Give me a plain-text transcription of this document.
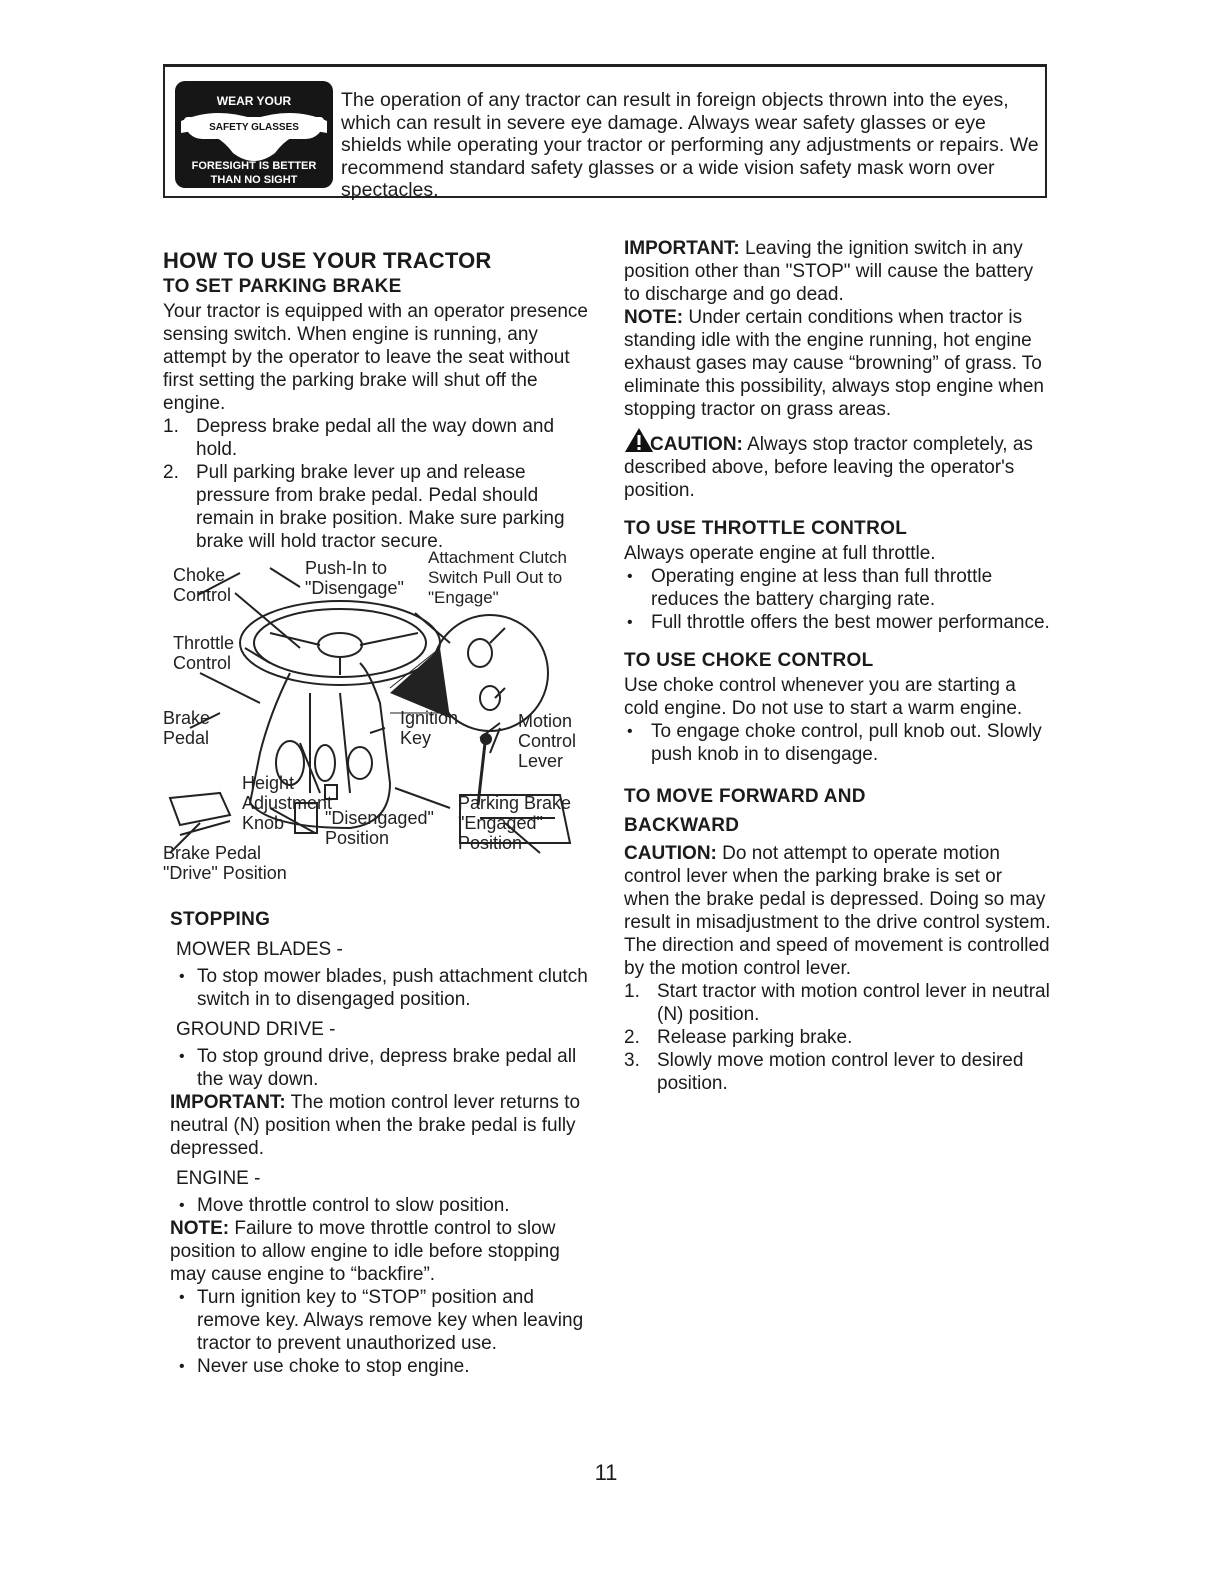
WEAR YOUR
SAFETY GLASSES
FORESIGHT IS BETTER
THAN NO SIGHT

The operation of any tractor can result in foreign objects thrown into the eyes, which can result in severe eye damage. Always wear safety glasses or eye shields while operating your tractor or performing any adjustments or repairs. We recommend standard safety glasses or a wide vision safety mask worn over spectacles.

HOW TO USE YOUR TRACTOR
TO SET PARKING BRAKE

Your tractor is equipped with an operator presence sensing switch. When engine is running, any attempt by the operator to leave the seat without first setting the parking brake will shut off the engine.

1. Depress brake pedal all the way down and hold.
2. Pull parking brake lever up and release pressure from brake pedal. Pedal should remain in brake position. Make sure parking brake will hold tractor secure.
Choke
Control
Push-In to
"Disengage"
Attachment Clutch
Switch Pull Out to
"Engage"
Throttle
Control
Brake
Pedal
Ignition
Key
Motion
Control
Lever
Height
Adjustment
Knob	"Disengaged"
Position
Parking Brake
"Engaged"
Position
Brake Pedal
"Drive" Position
STOPPING
MOWER BLADES -
• To stop mower blades, push attachment clutch switch in to disengaged position.
GROUND DRIVE -
• To stop ground drive, depress brake pedal all the way down.

IMPORTANT: The motion control lever returns to neutral (N) position when the brake pedal is fully depressed.

ENGINE -
• Move throttle control to slow position.

NOTE: Failure to move throttle control to slow position to allow engine to idle before stopping may cause engine to “backfire”.

• Turn ignition key to “STOP” position and remove key. Always remove key when leaving tractor to prevent unauthorized use.
• Never use choke to stop engine.

IMPORTANT: Leaving the ignition switch in any position other than "STOP" will cause the battery to discharge and go dead.

NOTE: Under certain conditions when tractor is standing idle with the engine running, hot engine exhaust gases may cause “browning” of grass. To eliminate this possibility, always stop engine when stopping tractor on grass areas.

CAUTION: Always stop tractor completely, as described above, before leaving the operator's position.

TO USE THROTTLE CONTROL

Always operate engine at full throttle.

• Operating engine at less than full throttle reduces the battery charging rate.
• Full throttle offers the best mower performance.
TO USE CHOKE CONTROL

Use choke control whenever you are starting a cold engine. Do not use to start a warm engine.

• To engage choke control, pull knob out. Slowly push knob in to disengage.
TO MOVE FORWARD AND BACKWARD

CAUTION: Do not attempt to operate motion control lever when the parking brake is set or when the brake pedal is depressed. Doing so may result in misadjustment to the drive control system.

The direction and speed of movement is controlled by the motion control lever.

1. Start tractor with motion control lever in neutral (N) position.
2. Release parking brake.
3. Slowly move motion control lever to desired position.
11
